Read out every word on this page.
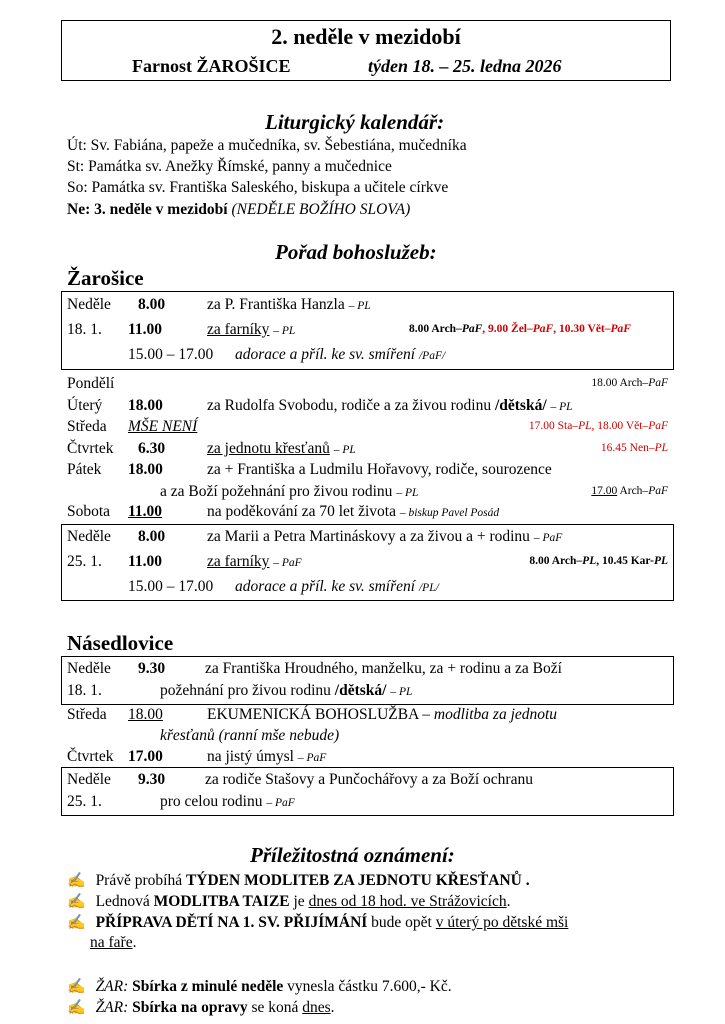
2. neděle v mezidobí
Farnost ŽAROŠICE	týden 18. – 25. ledna 2026
Liturgický kalendář:
Út: Sv. Fabiána, papeže a mučedníka, sv. Šebestiána, mučedníka
St: Památka sv. Anežky Římské, panny a mučednice
So: Památka sv. Františka Saleského, biskupa a učitele církve
Ne: 3. neděle v mezidobí (NEDĚLE BOŽÍHO SLOVA)
Pořad bohoslužeb:
Žarošice
Neděle 8.00	za P. Františka Hanzla – PL
18. 1. 11.00	za farníky – PL	8.00 Arch–PaF, 9.00 Žel–PaF, 10.30 Vět–PaF
15.00 – 17.00 adorace a příl. ke sv. smíření /PaF/
Pondělí	18.00 Arch–PaF
Úterý 18.00	za Rudolfa Svobodu, rodiče a za živou rodinu /dětská/ – PL
Středa MŠE NENÍ	17.00 Sta–PL, 18.00 Vět–PaF
Čtvrtek 6.30	za jednotu křesťanů – PL	16.45 Nen–PL
Pátek 18.00	za + Františka a Ludmilu Hořavovy, rodiče, sourozence
a za Boží požehnání pro živou rodinu – PL	17.00 Arch–PaF
Sobota 11.00	na poděkování za 70 let života – biskup Pavel Posád
Neděle 8.00	za Marii a Petra Martináskovy a za živou a + rodinu – PaF
25. 1. 11.00	za farníky – PaF	8.00 Arch–PL, 10.45 Kar-PL
15.00 – 17.00 adorace a příl. ke sv. smíření /PL/
Násedlovice
Neděle 9.30	za Františka Hroudného, manželku, za + rodinu a za Boží
18. 1.	požehnání pro živou rodinu /dětská/ – PL
Středa 18.00	EKUMENICKÁ BOHOSLUŽBA – modlitba za jednotu
křesťanů (ranní mše nebude)
Čtvrtek 17.00	na jistý úmysl – PaF
Neděle 9.30	za rodiče Stašovy a Punčochářovy a za Boží ochranu
25. 1.	pro celou rodinu – PaF
Příležitostná oznámení:
✍ Právě probíhá TÝDEN MODLITEB ZA JEDNOTU KŘESŤANŮ .
✍ Lednová MODLITBA TAIZE je dnes od 18 hod. ve Strážovicích.
✍ PŘÍPRAVA DĚTÍ NA 1. SV. PŘIJÍMÁNÍ bude opět v úterý po dětské mši
na faře.
✍ ŽAR: Sbírka z minulé neděle vynesla částku 7.600,- Kč.
✍ ŽAR: Sbírka na opravy se koná dnes.
